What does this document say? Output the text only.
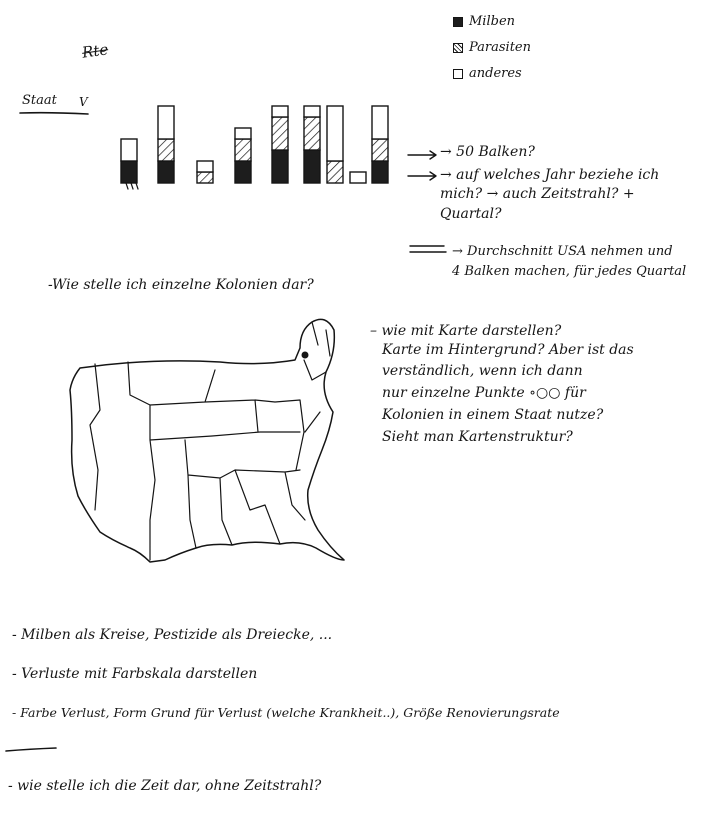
Rte
Staat V
Milben
Parasiten
anderes
→ 50 Balken?
→ auf welches Jahr beziehe ich
mich? → auch Zeitstrahl? +
Quartal?
→ Durchschnitt USA nehmen und
4 Balken machen, für jedes Quartal
-Wie stelle ich einzelne Kolonien dar?
– wie mit Karte darstellen?
Karte im Hintergrund? Aber ist das
verständlich, wenn ich dann
nur einzelne Punkte ∘○○ für
Kolonien in einem Staat nutze?
Sieht man Kartenstruktur?
- Milben als Kreise, Pestizide als Dreiecke, ...
- Verluste mit Farbskala darstellen
- Farbe Verlust, Form Grund für Verlust (welche Krankheit..), Größe Renovierungsrate
- wie stelle ich die Zeit dar, ohne Zeitstrahl?
